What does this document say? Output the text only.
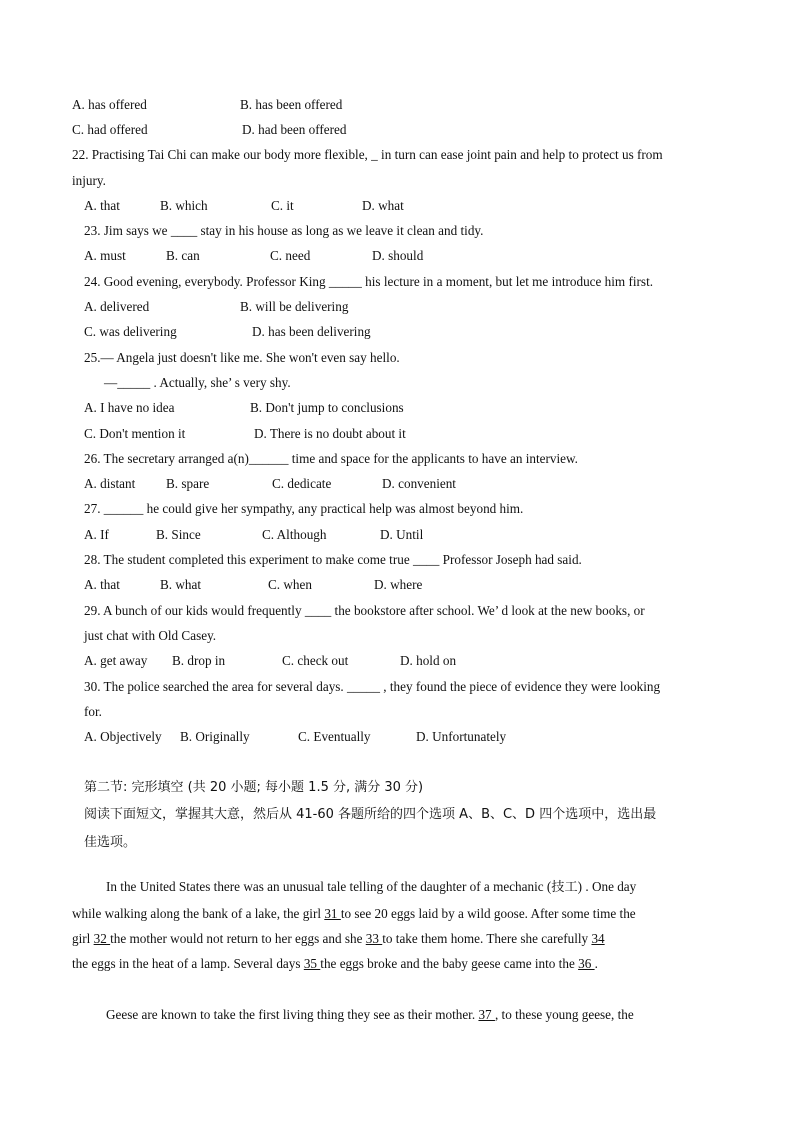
A. has offered	B. has been offered
C. had offered	D. had been offered
22. Practising Tai Chi can make our body more flexible, _ in turn can ease joint pain and help to protect us from
injury.
A. that	B. which	C. it	D. what
23. Jim says we ____ stay in his house as long as we leave it clean and tidy.
A. must	B. can	C. need	D. should
24. Good evening, everybody. Professor King _____ his lecture in a moment, but let me introduce him first.
A. delivered	B. will be delivering
C. was delivering	D. has been delivering
25.— Angela just doesn't like me. She won't even say hello.
—_____ . Actually, she’ s very shy.
A. I have no idea	B. Don't jump to conclusions
C. Don't mention it	D. There is no doubt about it
26. The secretary arranged a(n)______ time and space for the applicants to have an interview.
A. distant B. spare	C. dedicate	D. convenient
27. ______ he could give her sympathy, any practical help was almost beyond him.
A. If	B. Since	C. Although	D. Until
28. The student completed this experiment to make come true ____ Professor Joseph had said.
A. that	B. what	C. when	D. where
29. A bunch of our kids would frequently ____ the bookstore after school. We’ d look at the new books, or
just chat with Old Casey.
A. get away B. drop in	C. check out	D. hold on
30. The police searched the area for several days. _____ , they found the piece of evidence they were looking
for.
A. Objectively B. Originally	C. Eventually	D. Unfortunately
第二节: 完形填空 (共 20 小题; 每小题 1.5 分, 满分 30 分)
阅读下面短文，掌握其大意，然后从 41-60 各题所给的四个选项 A、B、C、D 四个选项中，选出最
佳选项。
In the United States there was an unusual tale telling of the daughter of a mechanic (技工) . One day
while walking along the bank of a lake, the girl 31 to see 20 eggs laid by a wild goose. After some time the
girl 32 the mother would not return to her eggs and she 33 to take them home. There she carefully 34
the eggs in the heat of a lamp. Several days 35 the eggs broke and the baby geese came into the 36 .
Geese are known to take the first living thing they see as their mother. 37 , to these young geese, the
